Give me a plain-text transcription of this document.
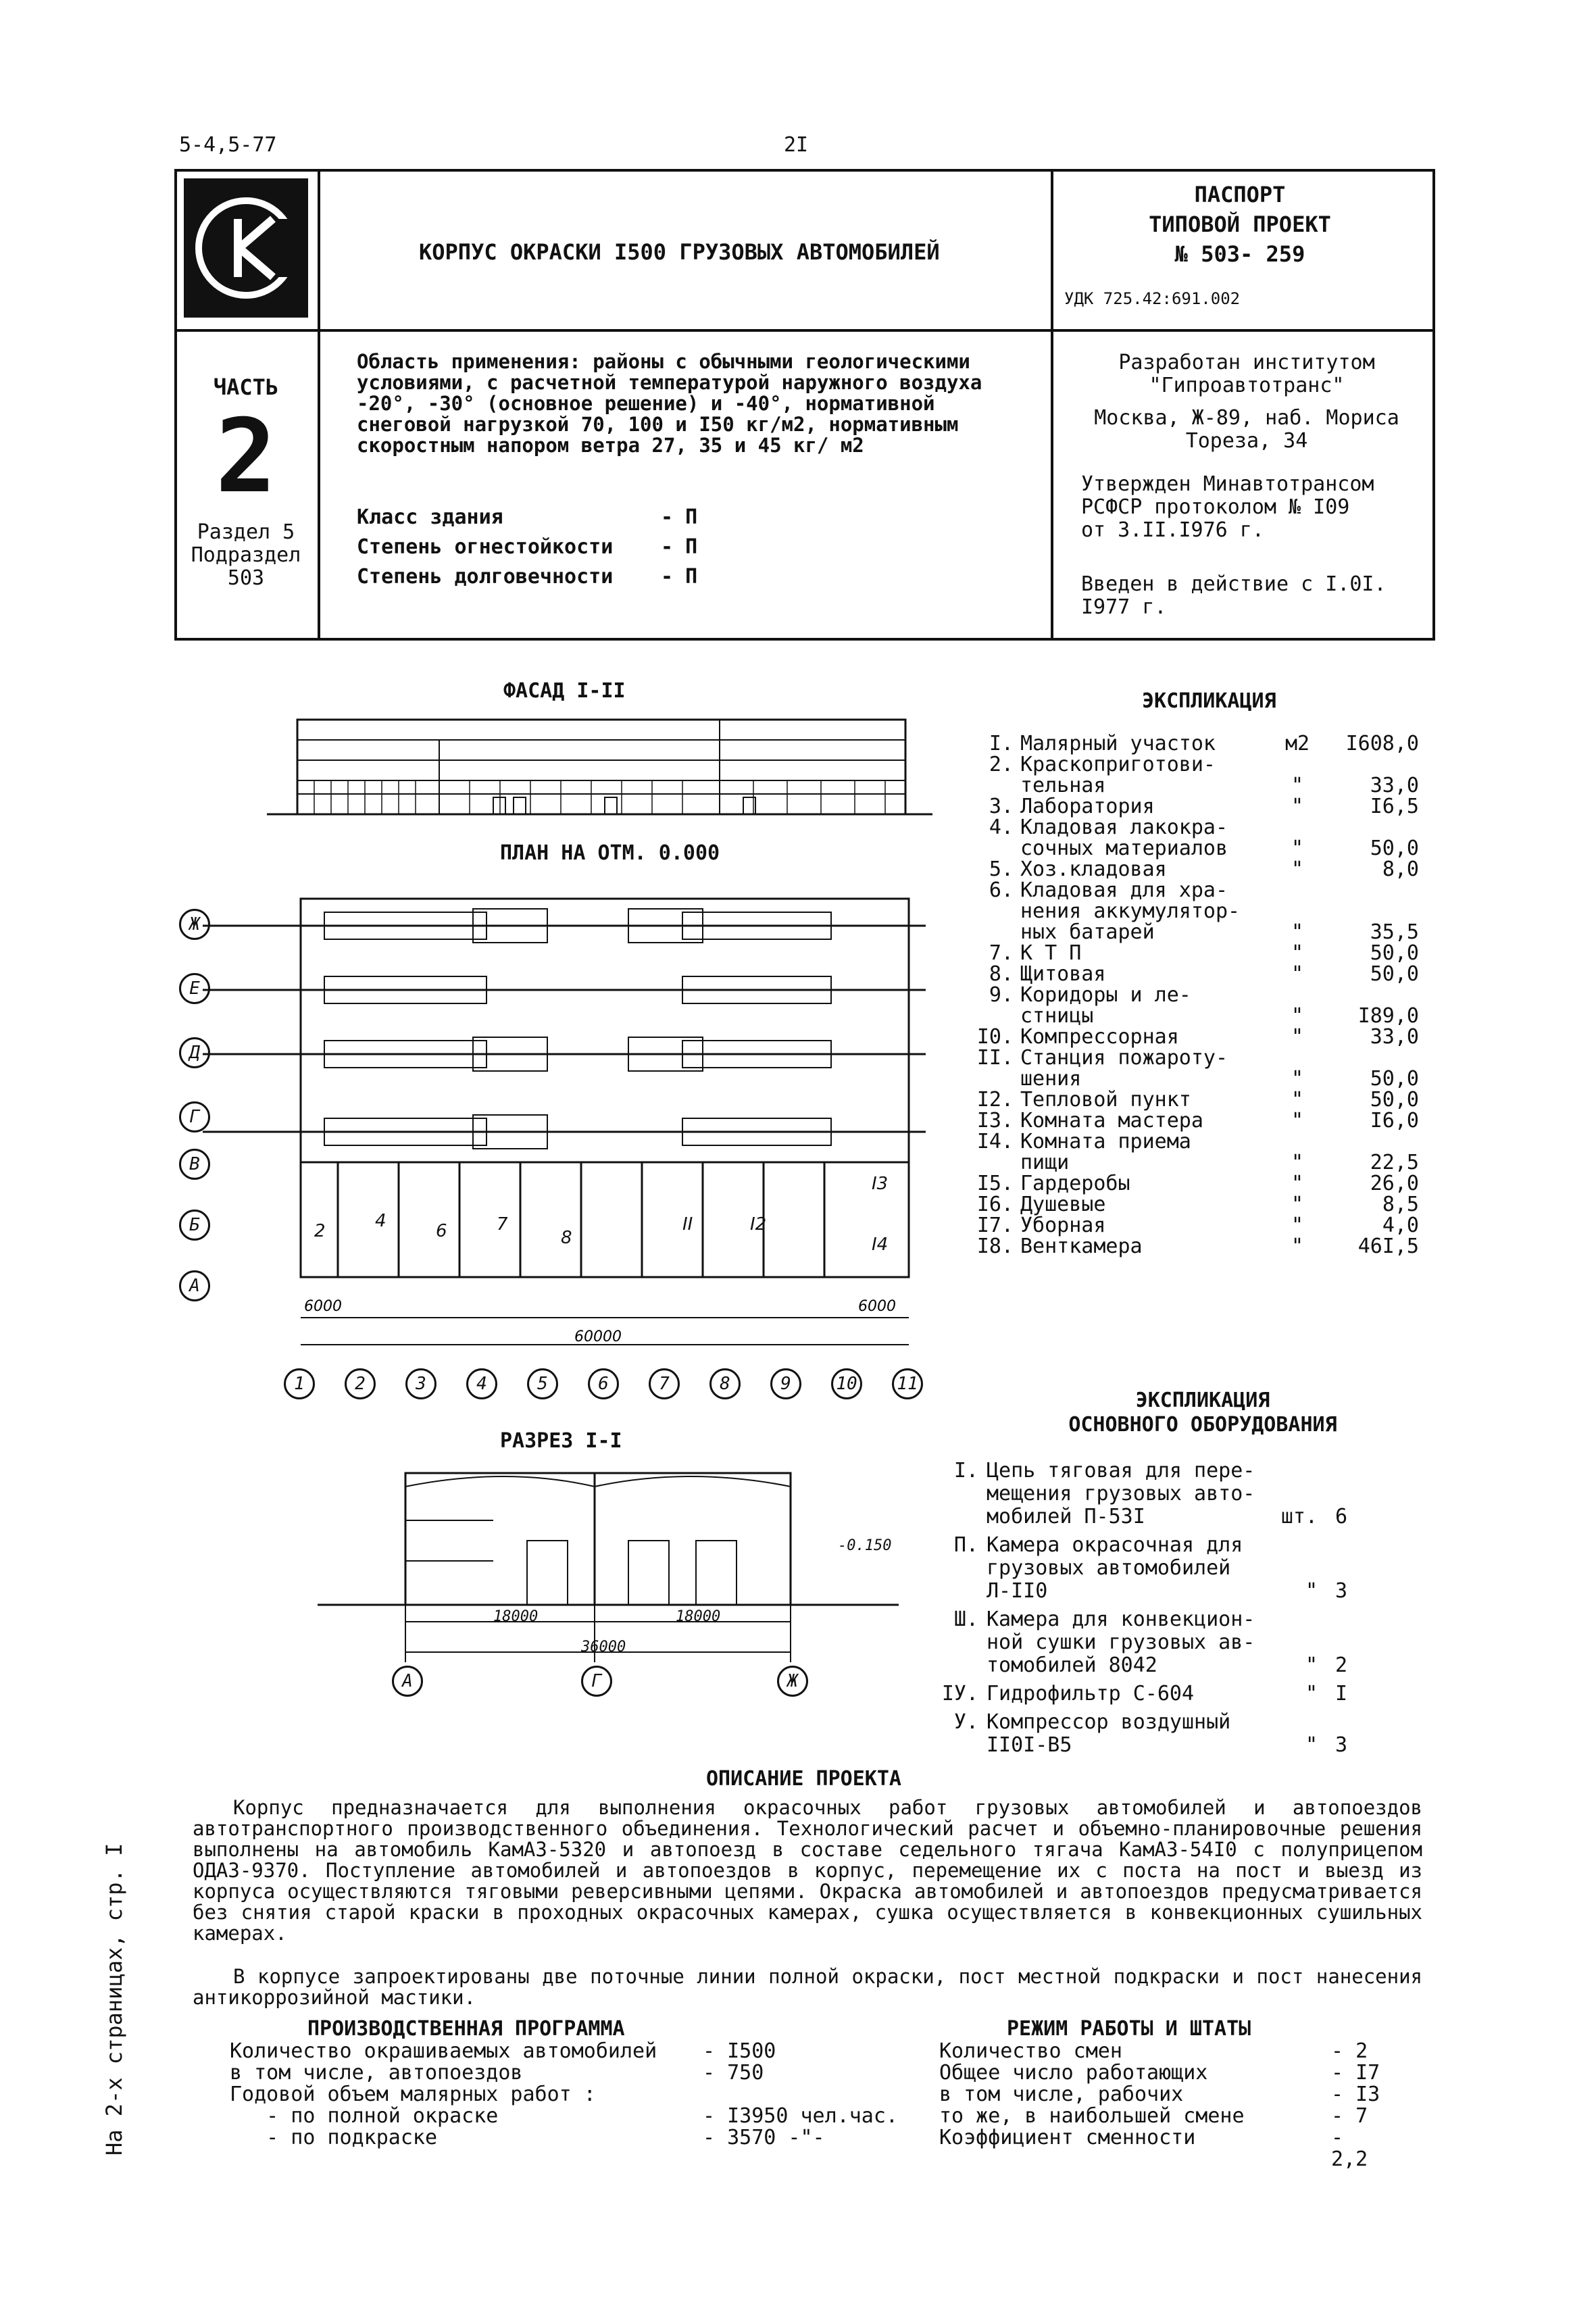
5-4,5-77	2I
КОРПУС ОКРАСКИ I500 ГРУЗОВЫХ АВТОМОБИЛЕЙ
ПАСПОРТ
ТИПОВОЙ ПРОЕКТ
№ 503- 259
УДК 725.42:691.002
ЧАСТЬ
2
Раздел 5
Подраздел
503
Область применения: районы с обычными геологическими условиями, с расчетной температурой наружного воздуха -20°, -30° (основное решение) и -40°, нормативной снеговой нагрузкой 70, 100 и I50 кг/м2, нормативным скоростным напором ветра 27, 35 и 45 кг/ м2
Класс здания	- П
Степень огнестойкости	- П
Степень долговечности	- П
Разработан институтом
"Гипроавтотранс"
Москва, Ж-89, наб. Мориса
Тореза, 34
Утвержден Минавтотрансом
РСФСР протоколом № I09
от 3.II.I976 г.
Введен в действие с I.0I.
I977 г.
ФАСАД I-II
ПЛАН НА ОТМ. 0.000
2	4	6	7
8
II	I2
I3
I4
6000
60000
6000
Ж
Е
Д
Г
В
Б
А
1	2	3	4	5	6	7	8	9	10 11
РАЗРЕЗ I-I
18000	18000
36000
-0.150
А	Г	Ж
ЭКСПЛИКАЦИЯ
I. Малярный участок	м2	I608,0
2. Краскоприготови-
тельная	"	33,0
3. Лаборатория	"	I6,5
4. Кладовая лакокра-
сочных материалов	"	50,0
5. Хоз.кладовая	"	8,0
6. Кладовая для хра-
нения аккумулятор-
ных батарей	"	35,5
7. К Т П	"	50,0
8. Щитовая	"	50,0
9. Коридоры и ле-
стницы	"	I89,0
I0. Компрессорная	"	33,0
II. Станция пожароту-
шения	"	50,0
I2. Тепловой пункт	"	50,0
I3. Комната мастера	"	I6,0
I4. Комната приема
пищи	"	22,5
I5. Гардеробы	"	26,0
I6. Душевые	"	8,5
I7. Уборная	"	4,0
I8. Венткамера	"	46I,5
ЭКСПЛИКАЦИЯ
ОСНОВНОГО ОБОРУДОВАНИЯ
I. Цепь тяговая для пере-
мещения грузовых авто-
мобилей П-53I	шт. 6
П. Камера окрасочная для
грузовых автомобилей
Л-II0	" 3
Ш. Камера для конвекцион-
ной сушки грузовых ав-
томобилей 8042	" 2
IУ. Гидрофильтр С-604	" I
У. Компрессор воздушный
II0I-В5	" 3
ОПИСАНИЕ ПРОЕКТА
Корпус предназначается для выполнения окрасочных работ грузовых автомобилей и автопоездов автотранспортного производственного объединения. Технологический расчет и объемно-планировочные решения выполнены на автомобиль КамАЗ-5320 и автопоезд в составе седельного тягача КамАЗ-54I0 с полуприцепом ОДАЗ-9370. Поступление автомобилей и автопоездов в корпус, перемещение их с поста на пост и выезд из корпуса осуществляются тяговыми реверсивными цепями. Окраска автомобилей и автопоездов предусматривается без снятия старой краски в проходных окрасочных камерах, сушка осуществляется в конвекционных сушильных камерах.
В корпусе запроектированы две поточные линии полной окраски, пост местной подкраски и пост нанесения антикоррозийной мастики.
ПРОИЗВОДСТВЕННАЯ ПРОГРАММА
Количество окрашиваемых автомобилей	- I500
в том числе, автопоездов	- 750
Годовой объем малярных работ :
- по полной окраске	- I3950 чел.час.
- по подкраске	- 3570 -"-
РЕЖИМ РАБОТЫ И ШТАТЫ
Количество смен	- 2
Общее число работающих	- I7
в том числе, рабочих	- I3
то же, в наибольшей смене	- 7
Коэффициент сменности	- 2,2
На 2-х страницах, стр. I
